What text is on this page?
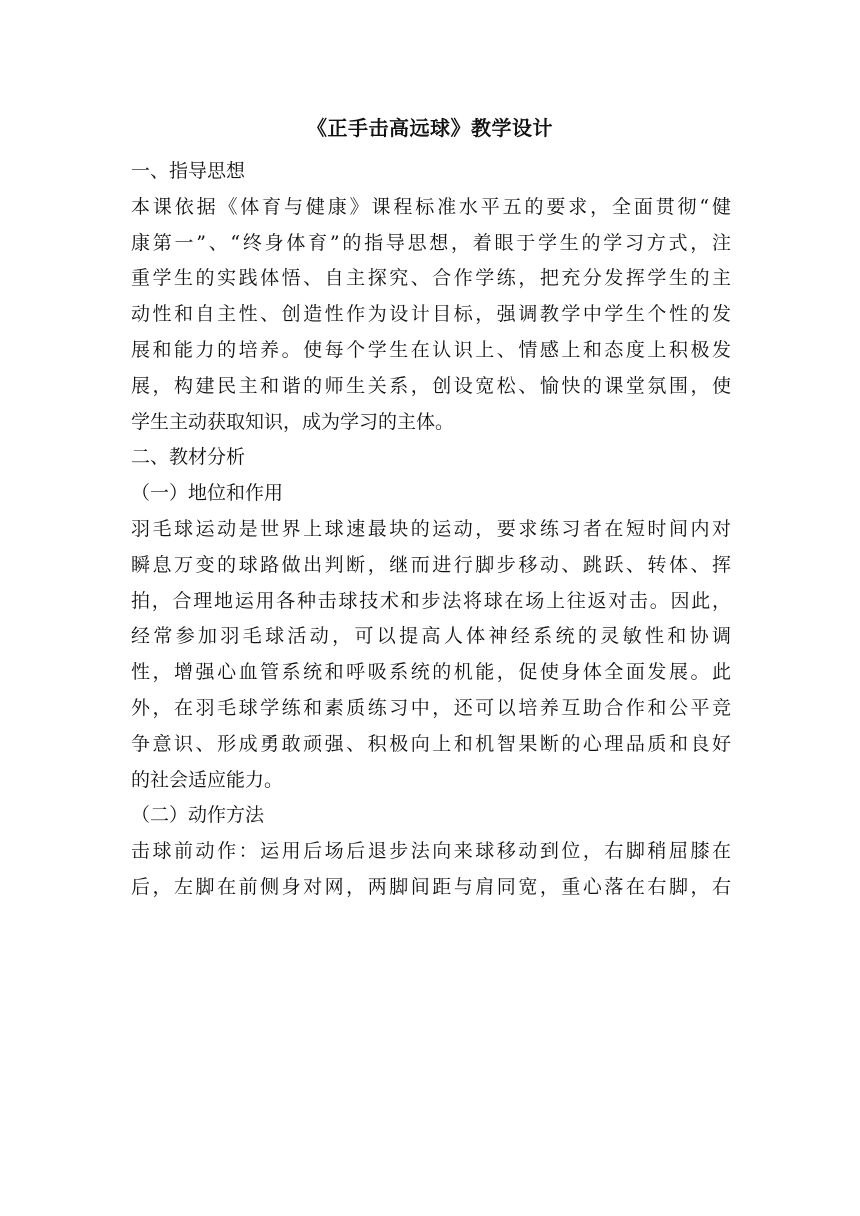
《正手击高远球》教学设计

一、指导思想

本课依据《体育与健康》课程标准水平五的要求，全面贯彻“健
康第一”、“终身体育”的指导思想，着眼于学生的学习方式，注
重学生的实践体悟、自主探究、合作学练，把充分发挥学生的主
动性和自主性、创造性作为设计目标，强调教学中学生个性的发
展和能力的培养。使每个学生在认识上、情感上和态度上积极发
展，构建民主和谐的师生关系，创设宽松、愉快的课堂氛围，使
学生主动获取知识，成为学习的主体。

二、教材分析

（一）地位和作用

羽毛球运动是世界上球速最块的运动，要求练习者在短时间内对
瞬息万变的球路做出判断，继而进行脚步移动、跳跃、转体、挥
拍，合理地运用各种击球技术和步法将球在场上往返对击。因此，
经常参加羽毛球活动，可以提高人体神经系统的灵敏性和协调
性，增强心血管系统和呼吸系统的机能，促使身体全面发展。此
外，在羽毛球学练和素质练习中，还可以培养互助合作和公平竞
争意识、形成勇敢顽强、积极向上和机智果断的心理品质和良好
的社会适应能力。

（二）动作方法

击球前动作：运用后场后退步法向来球移动到位，右脚稍屈膝在
后，左脚在前侧身对网，两脚间距与肩同宽，重心落在右脚，右
